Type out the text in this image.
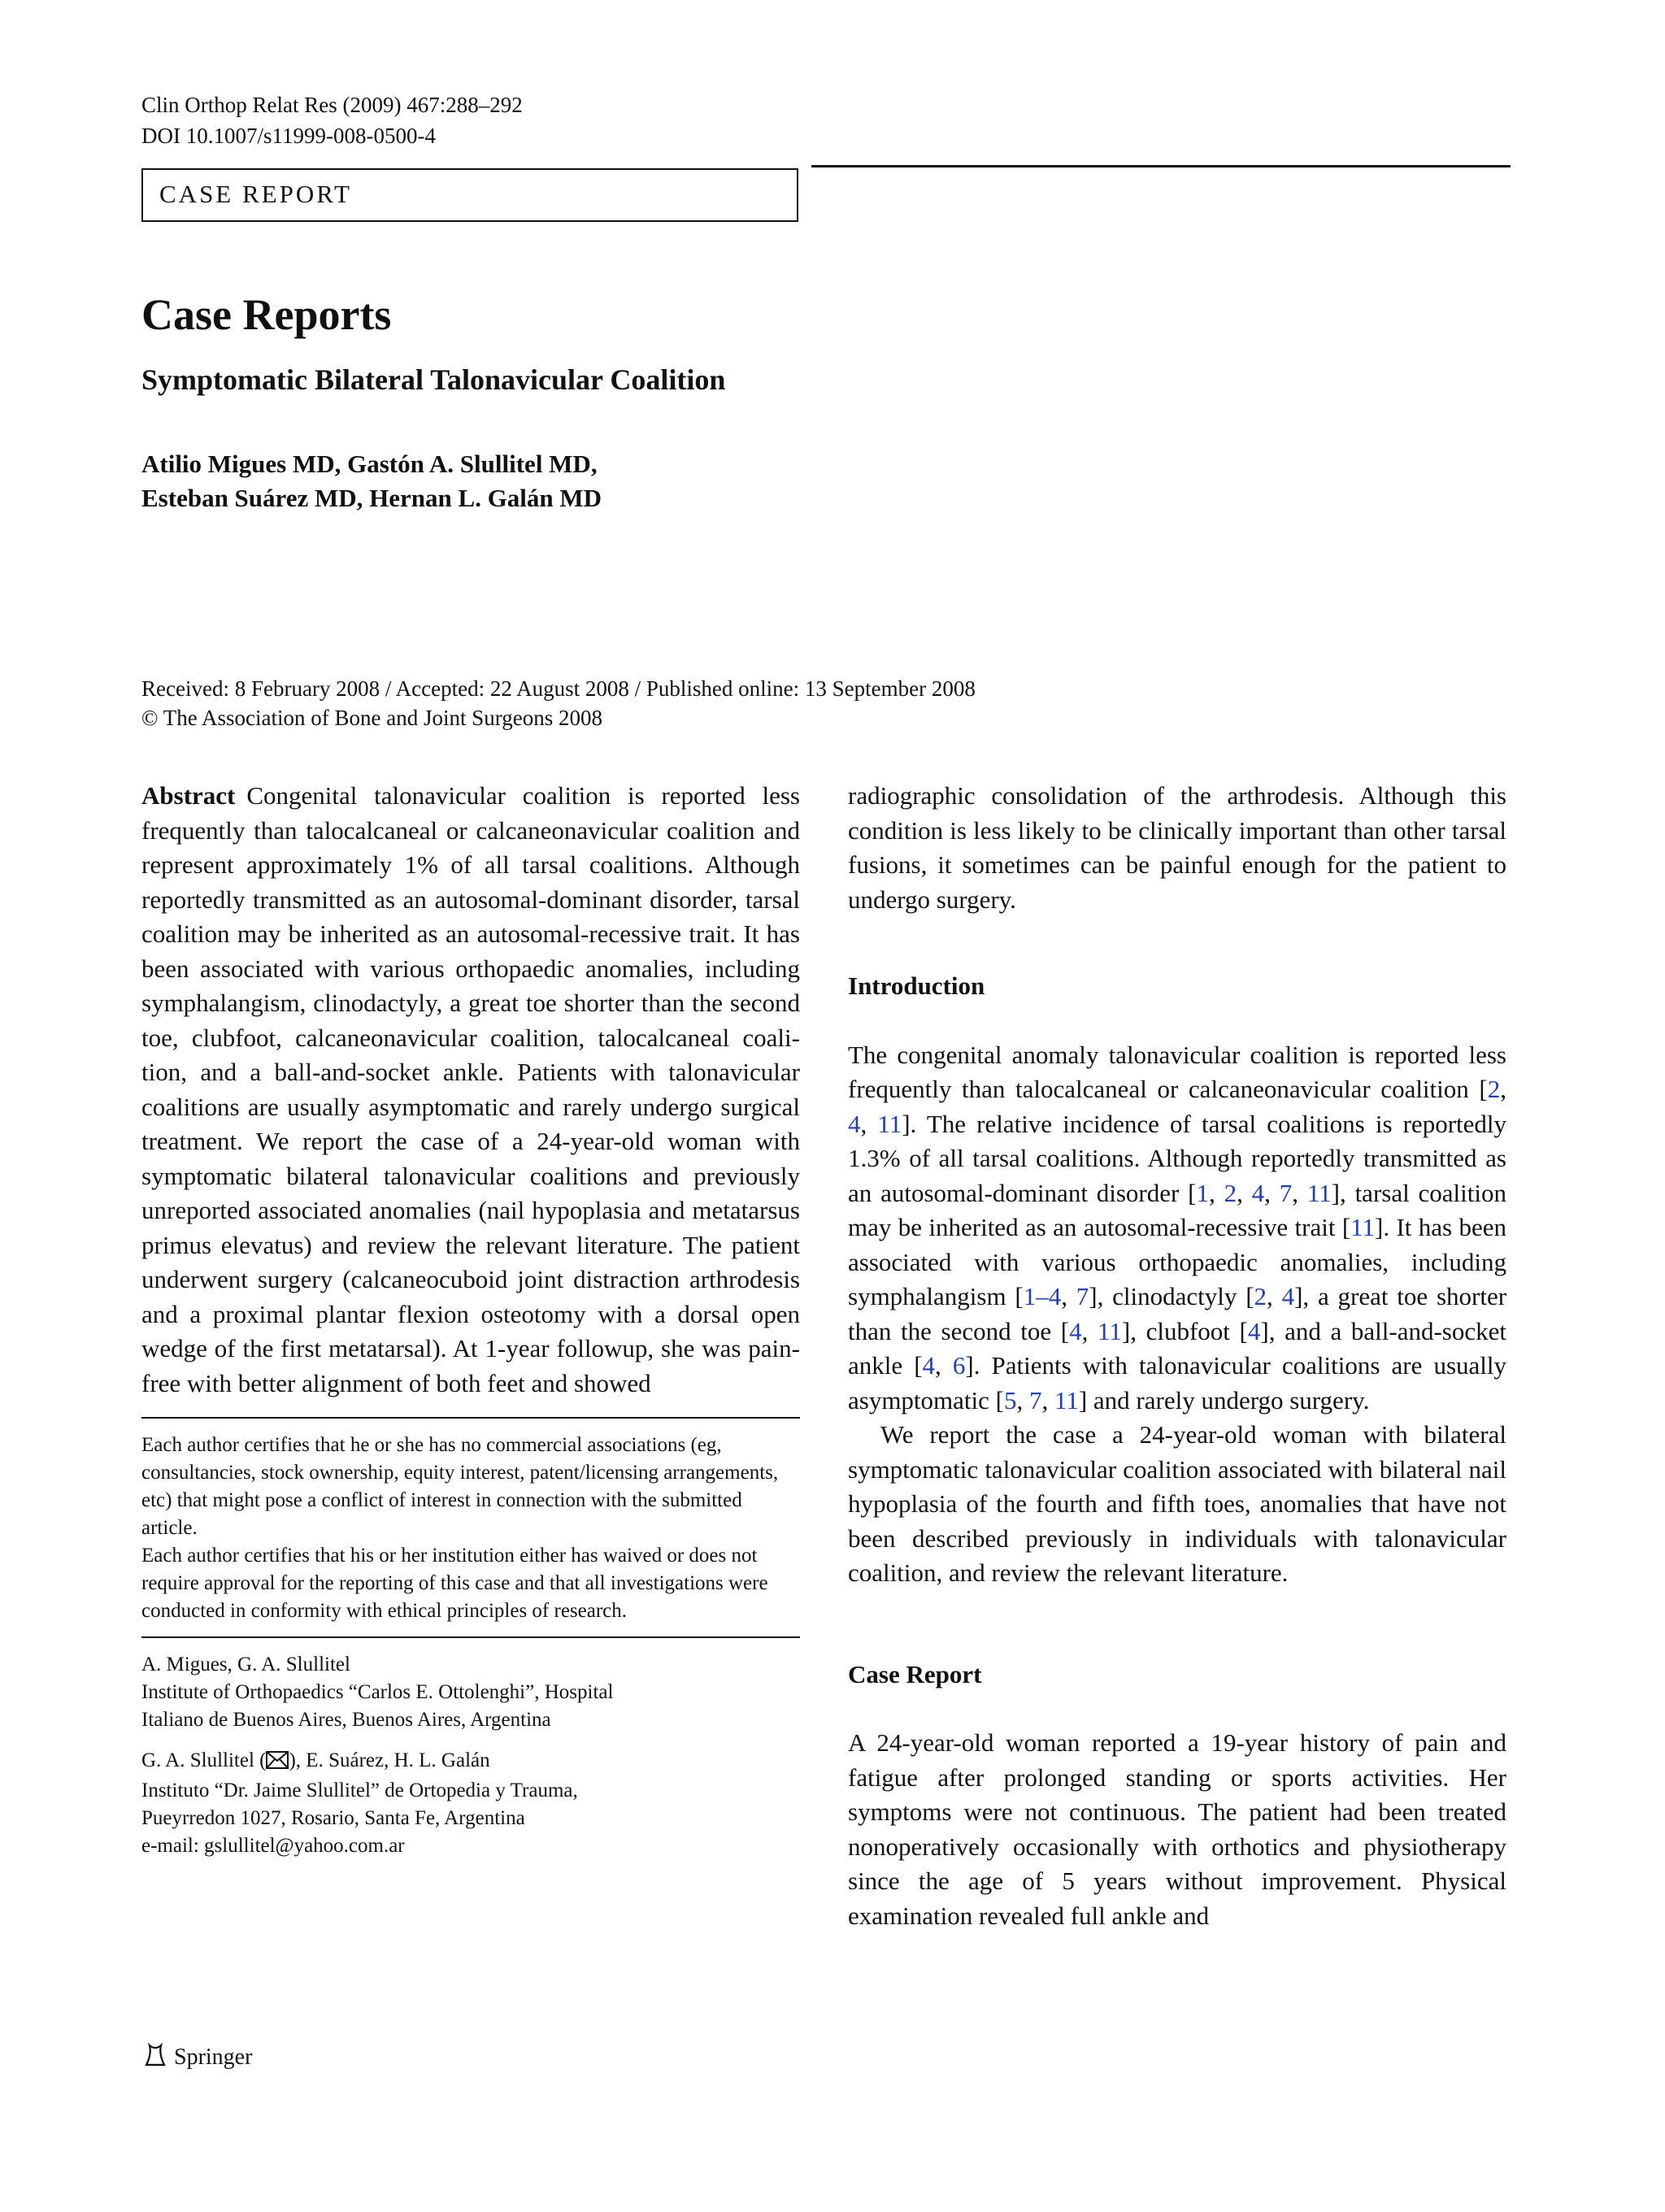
Clin Orthop Relat Res (2009) 467:288–292
DOI 10.1007/s11999-008-0500-4
CASE REPORT
Case Reports
Symptomatic Bilateral Talonavicular Coalition
Atilio Migues MD, Gastón A. Slullitel MD,
Esteban Suárez MD, Hernan L. Galán MD
Received: 8 February 2008 / Accepted: 22 August 2008 / Published online: 13 September 2008
© The Association of Bone and Joint Surgeons 2008

Abstract Congenital talonavicular coalition is reported less frequently than talocalcaneal or calcaneonavicular coalition and represent approximately 1% of all tarsal coalitions. Although reportedly transmitted as an autosomal-dominant disorder, tarsal coalition may be inherited as an autosomal-recessive trait. It has been associated with various orthopaedic anomalies, including symphalangism, clinodactyly, a great toe shorter than the second toe, clubfoot, calcaneonavicular coalition, talocalcaneal coalition, and a ball-and-socket ankle. Patients with talonavicular coalitions are usually asymptomatic and rarely undergo surgical treatment. We report the case of a 24-year-old woman with symptomatic bilateral talonavicular coalitions and previously unreported associated anomalies (nail hypoplasia and metatarsus primus elevatus) and review the relevant literature. The patient underwent surgery (calcaneocuboid joint distraction arthrodesis and a proximal plantar flexion osteotomy with a dorsal open wedge of the first metatarsal). At 1-year followup, she was pain-free with better alignment of both feet and showed

Each author certifies that he or she has no commercial associations (eg, consultancies, stock ownership, equity interest, patent/licensing arrangements, etc) that might pose a conflict of interest in connection with the submitted article.

Each author certifies that his or her institution either has waived or does not require approval for the reporting of this case and that all investigations were conducted in conformity with ethical principles of research.

A. Migues, G. A. Slullitel

Institute of Orthopaedics “Carlos E. Ottolenghi”, Hospital

Italiano de Buenos Aires, Buenos Aires, Argentina

G. A. Slullitel ( ), E. Suárez, H. L. Galán

Instituto “Dr. Jaime Slullitel” de Ortopedia y Trauma,

Pueyrredon 1027, Rosario, Santa Fe, Argentina

e-mail: gslullitel@yahoo.com.ar

radiographic consolidation of the arthrodesis. Although this condition is less likely to be clinically important than other tarsal fusions, it sometimes can be painful enough for the patient to undergo surgery.

Introduction

The congenital anomaly talonavicular coalition is reported less frequently than talocalcaneal or calcaneonavicular coalition [2, 4, 11]. The relative incidence of tarsal coalitions is reportedly 1.3% of all tarsal coalitions. Although reportedly transmitted as an autosomal-dominant disorder [1, 2, 4, 7, 11], tarsal coalition may be inherited as an autosomal-recessive trait [11]. It has been associated with various orthopaedic anomalies, including symphalangism [1–4, 7], clinodactyly [2, 4], a great toe shorter than the second toe [4, 11], clubfoot [4], and a ball-and-socket ankle [4, 6]. Patients with talonavicular coalitions are usually asymptomatic [5, 7, 11] and rarely undergo surgery.

We report the case a 24-year-old woman with bilateral symptomatic talonavicular coalition associated with bilateral nail hypoplasia of the fourth and fifth toes, anomalies that have not been described previously in individuals with talonavicular coalition, and review the relevant literature.

Case Report

A 24-year-old woman reported a 19-year history of pain and fatigue after prolonged standing or sports activities. Her symptoms were not continuous. The patient had been treated nonoperatively occasionally with orthotics and physiotherapy since the age of 5 years without improvement. Physical examination revealed full ankle and

Springer
